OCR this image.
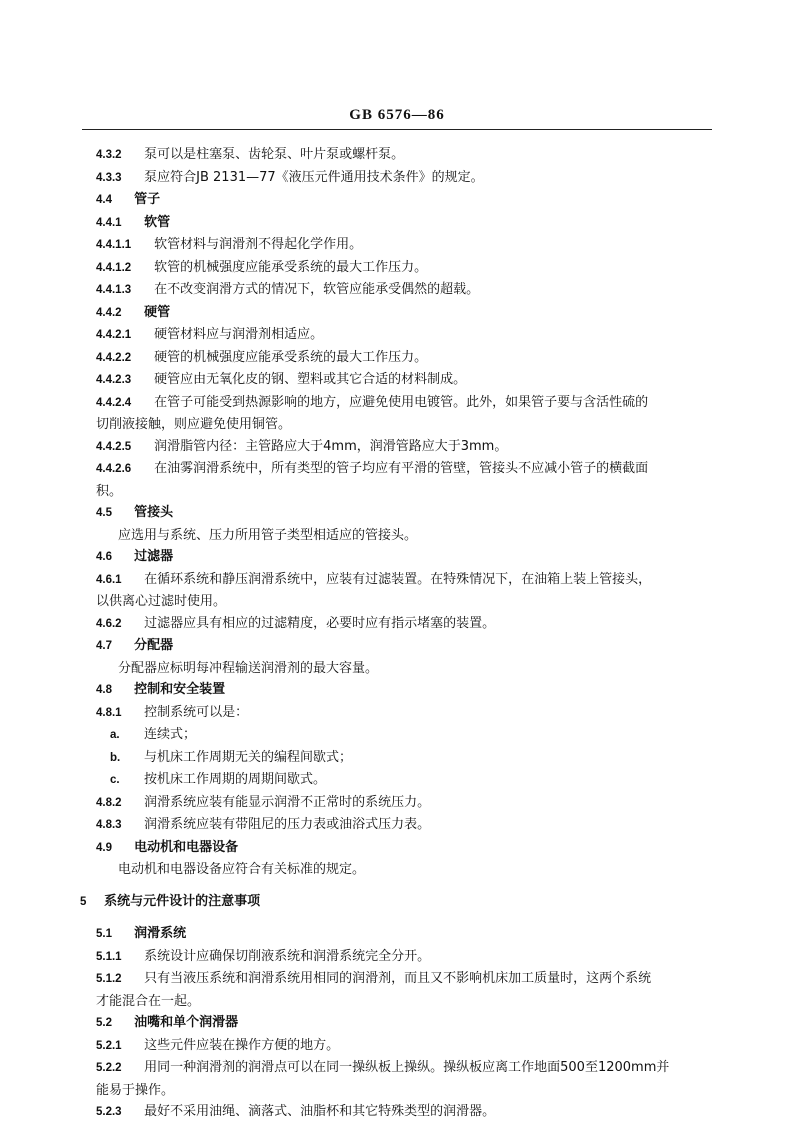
GB 6576—86
4.3.2 泵可以是柱塞泵、齿轮泵、叶片泵或螺杆泵。
4.3.3 泵应符合JB 2131—77《液压元件通用技术条件》的规定。
4.4 管子
4.4.1 软管
4.4.1.1 软管材料与润滑剂不得起化学作用。
4.4.1.2 软管的机械强度应能承受系统的最大工作压力。
4.4.1.3 在不改变润滑方式的情况下，软管应能承受偶然的超载。
4.4.2 硬管
4.4.2.1 硬管材料应与润滑剂相适应。
4.4.2.2 硬管的机械强度应能承受系统的最大工作压力。
4.4.2.3 硬管应由无氧化皮的钢、塑料或其它合适的材料制成。
4.4.2.4 在管子可能受到热源影响的地方，应避免使用电镀管。此外，如果管子要与含活性硫的
切削液接触，则应避免使用铜管。
4.4.2.5 润滑脂管内径：主管路应大于4mm，润滑管路应大于3mm。
4.4.2.6 在油雾润滑系统中，所有类型的管子均应有平滑的管壁，管接头不应减小管子的横截面
积。
4.5 管接头
应选用与系统、压力所用管子类型相适应的管接头。
4.6 过滤器
4.6.1 在循环系统和静压润滑系统中，应装有过滤装置。在特殊情况下，在油箱上装上管接头，
以供离心过滤时使用。
4.6.2 过滤器应具有相应的过滤精度，必要时应有指示堵塞的装置。
4.7 分配器
分配器应标明每冲程输送润滑剂的最大容量。
4.8 控制和安全装置
4.8.1 控制系统可以是：
a. 连续式；
b. 与机床工作周期无关的编程间歇式；
c. 按机床工作周期的周期间歇式。
4.8.2 润滑系统应装有能显示润滑不正常时的系统压力。
4.8.3 润滑系统应装有带阻尼的压力表或油浴式压力表。
4.9 电动机和电器设备
电动机和电器设备应符合有关标准的规定。
5 系统与元件设计的注意事项
5.1 润滑系统
5.1.1 系统设计应确保切削液系统和润滑系统完全分开。
5.1.2 只有当液压系统和润滑系统用相同的润滑剂，而且又不影响机床加工质量时，这两个系统
才能混合在一起。
5.2 油嘴和单个润滑器
5.2.1 这些元件应装在操作方便的地方。
5.2.2 用同一种润滑剂的润滑点可以在同一操纵板上操纵。操纵板应离工作地面500至1200mm并
能易于操作。
5.2.3 最好不采用油绳、滴落式、油脂杯和其它特殊类型的润滑器。
